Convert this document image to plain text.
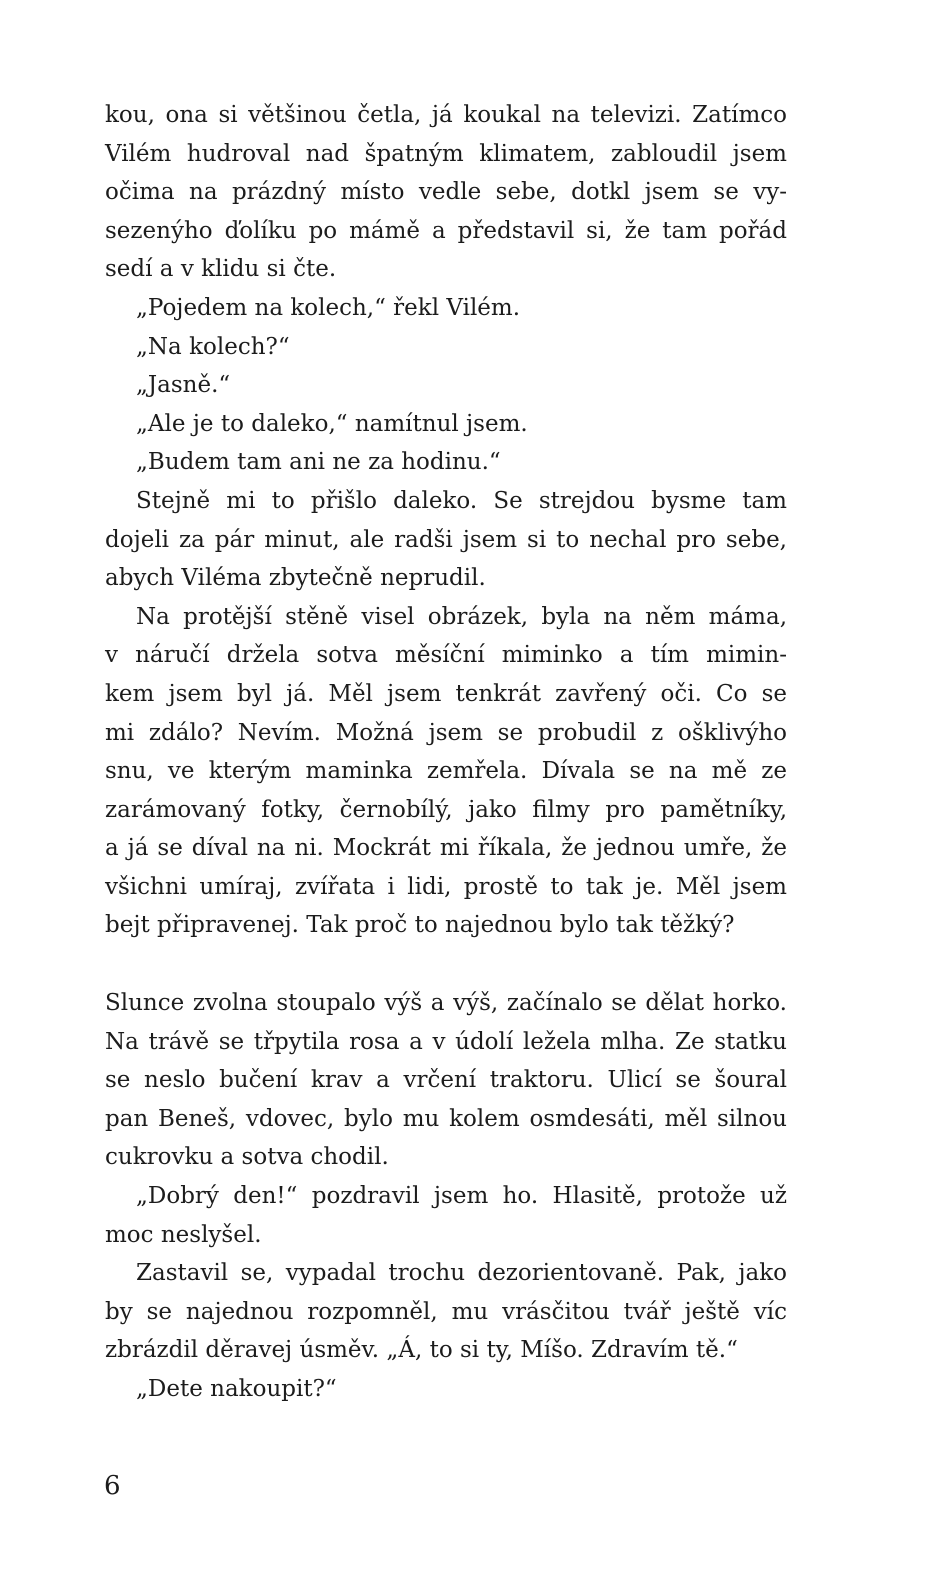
kou, ona si většinou četla, já koukal na televizi. Zatímco
Vilém hudroval nad špatným klimatem, zabloudil jsem
očima na prázdný místo vedle sebe, dotkl jsem se vy-
sezenýho ďolíku po mámě a představil si, že tam pořád
sedí a v klidu si čte.
„Pojedem na kolech,“ řekl Vilém.
„Na kolech?“
„Jasně.“
„Ale je to daleko,“ namítnul jsem.
„Budem tam ani ne za hodinu.“
Stejně mi to přišlo daleko. Se strejdou bysme tam
dojeli za pár minut, ale radši jsem si to nechal pro sebe,
abych Viléma zbytečně neprudil.
Na protější stěně visel obrázek, byla na něm máma,
v náručí držela sotva měsíční miminko a tím mimin-
kem jsem byl já. Měl jsem tenkrát zavřený oči. Co se
mi zdálo? Nevím. Možná jsem se probudil z ošklivýho
snu, ve kterým maminka zemřela. Dívala se na mě ze
zarámovaný fotky, černobílý, jako filmy pro pamětníky,
a já se díval na ni. Mockrát mi říkala, že jednou umře, že
všichni umíraj, zvířata i lidi, prostě to tak je. Měl jsem
bejt připravenej. Tak proč to najednou bylo tak těžký?
Slunce zvolna stoupalo výš a výš, začínalo se dělat horko.
Na trávě se třpytila rosa a v údolí ležela mlha. Ze statku
se neslo bučení krav a vrčení traktoru. Ulicí se šoural
pan Beneš, vdovec, bylo mu kolem osmdesáti, měl silnou
cukrovku a sotva chodil.
„Dobrý den!“ pozdravil jsem ho. Hlasitě, protože už
moc neslyšel.
Zastavil se, vypadal trochu dezorientovaně. Pak, jako
by se najednou rozpomněl, mu vrásčitou tvář ještě víc
zbrázdil děravej úsměv. „Á, to si ty, Míšo. Zdravím tě.“
„Dete nakoupit?“
6
